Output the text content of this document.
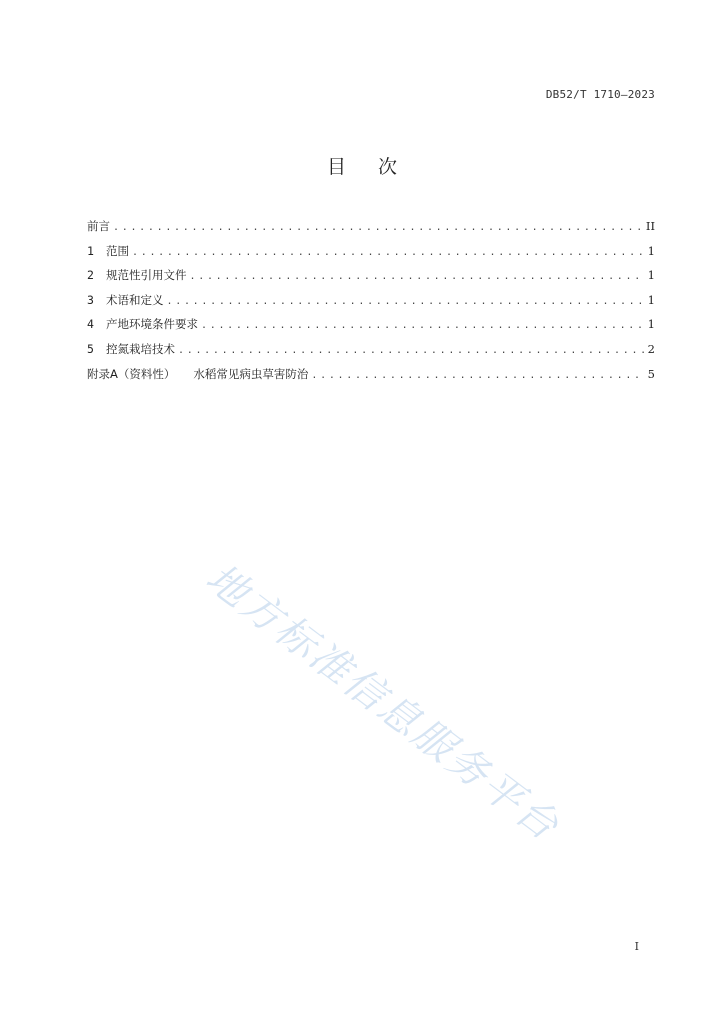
DB52/T 1710—2023
目次
前言 .....	II
1 范围 .....	1
2 规范性引用文件 .....	1
3 术语和定义 .....	1
4 产地环境条件要求 .....	1
5 控氮栽培技术 .....	2
附录A（资料性） 水稻常见病虫草害防治 .....	5
地方标准信息服务平台
I
